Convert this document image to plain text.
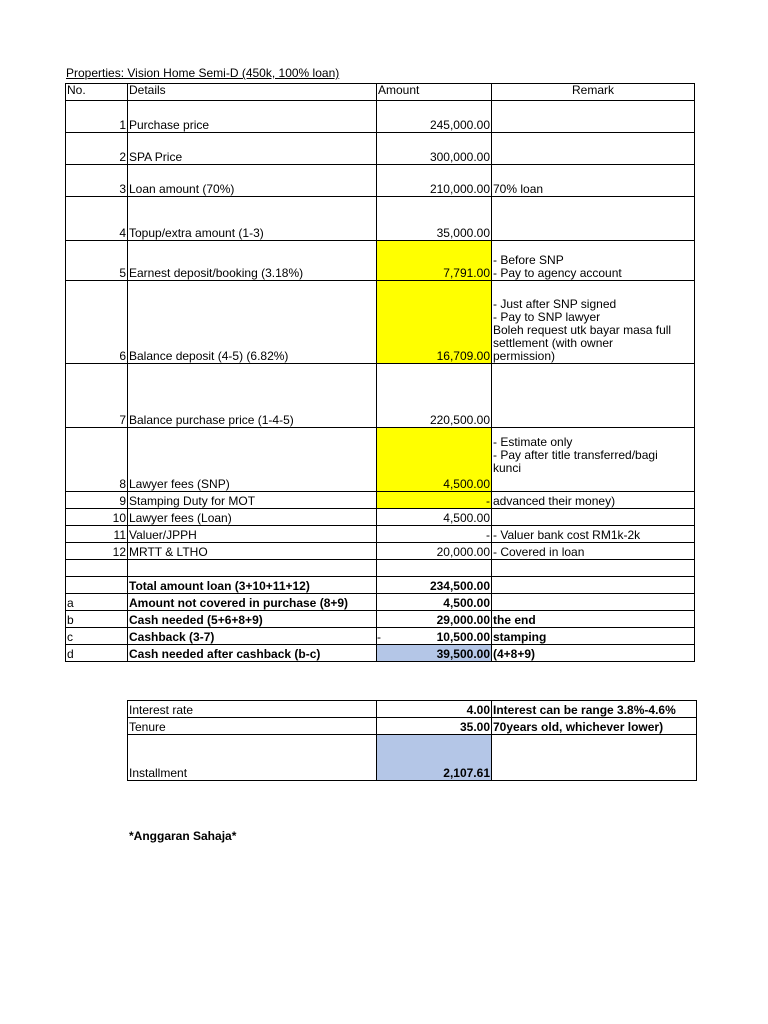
Properties: Vision Home Semi-D (450k, 100% loan)
No.	Details	Amount	Remark
1	Purchase price	245,000.00	
2	SPA Price	300,000.00	
3	Loan amount (70%)	210,000.00	70% loan
4	Topup/extra amount (1-3)	35,000.00	
5	Earnest deposit/booking (3.18%)	7,791.00	- Before SNP
- Pay to agency account

6	Balance deposit (4-5) (6.82%)	16,709.00	- Just after SNP signed
- Pay to SNP lawyer
Boleh request utk bayar masa full
settlement (with owner
permission)

7	Balance purchase price (1-4-5)	220,500.00	
8	Lawyer fees (SNP)	4,500.00	- Estimate only
- Pay after title transferred/bagi
kunci

9	Stamping Duty for MOT	-	advanced their money)
10	Lawyer fees (Loan)	4,500.00	
11	Valuer/JPPH	-	- Valuer bank cost RM1k-2k
12	MRTT & LTHO	20,000.00	- Covered in loan

	Total amount loan (3+10+11+12)	234,500.00	
a	Amount not covered in purchase (8+9)	4,500.00	
b	Cash needed (5+6+8+9)	29,000.00	the end
c	Cashback (3-7)	- 10,500.00	stamping
d	Cash needed after cashback (b-c)	39,500.00	(4+8+9)
Interest rate	4.00	Interest can be range 3.8%-4.6%
Tenure	35.00	70years old, whichever lower)
Installment	2,107.61	
*Anggaran Sahaja*
